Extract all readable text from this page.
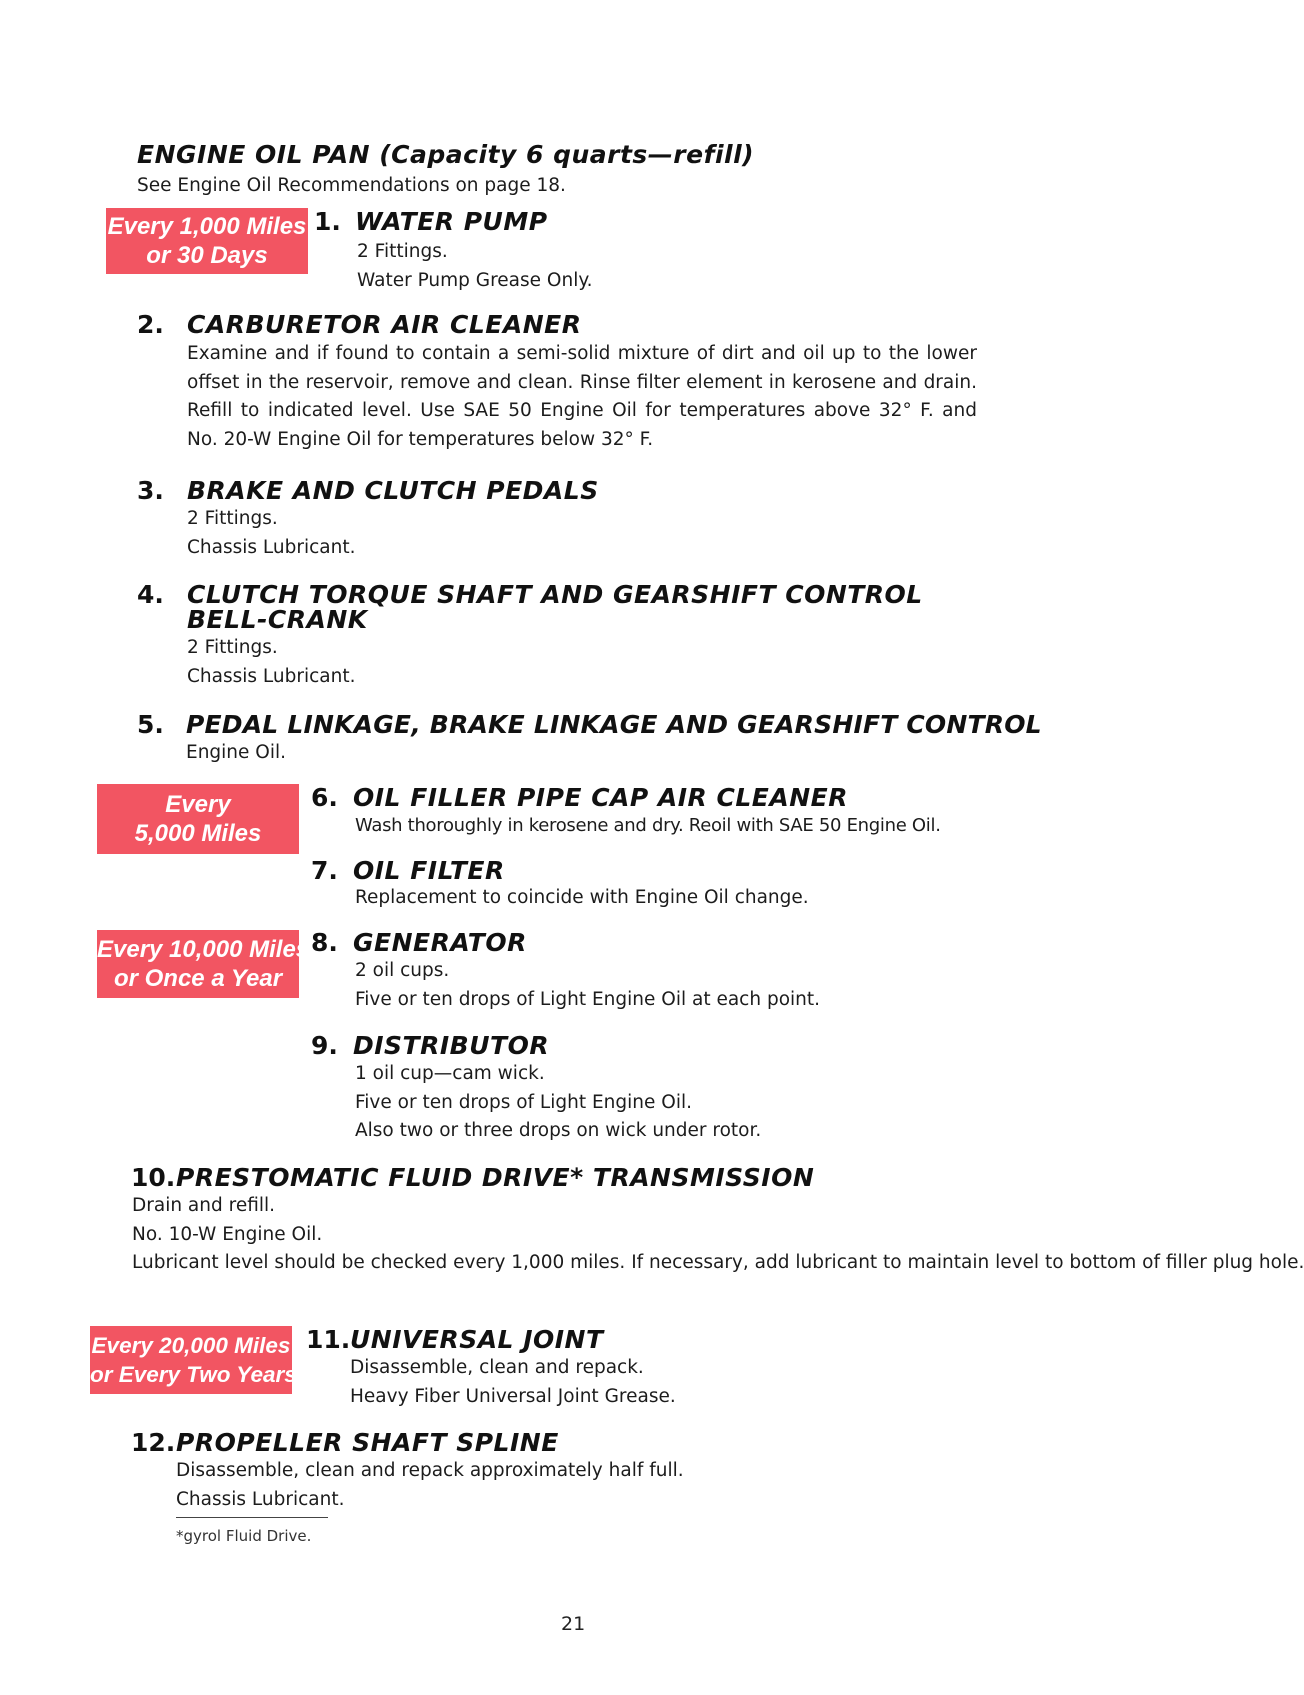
ENGINE OIL PAN (Capacity 6 quarts—refill)
See Engine Oil Recommendations on page 18.
Every 1,000 Miles
or 30 Days
1. WATER PUMP
2 Fittings.
Water Pump Grease Only.
2. CARBURETOR AIR CLEANER
Examine and if found to contain a semi-solid mixture of dirt and oil up to the lower offset in the reservoir, remove and clean. Rinse filter element in kerosene and drain. Refill to indicated level. Use SAE 50 Engine Oil for temperatures above 32° F. and No. 20-W Engine Oil for temperatures below 32° F.
3. BRAKE AND CLUTCH PEDALS
2 Fittings.
Chassis Lubricant.
4. CLUTCH TORQUE SHAFT AND GEARSHIFT CONTROL
BELL-CRANK
2 Fittings.
Chassis Lubricant.
5. PEDAL LINKAGE, BRAKE LINKAGE AND GEARSHIFT CONTROL
Engine Oil.
Every
5,000 Miles
6. OIL FILLER PIPE CAP AIR CLEANER
Wash thoroughly in kerosene and dry. Reoil with SAE 50 Engine Oil.
7. OIL FILTER
Replacement to coincide with Engine Oil change.
Every 10,000 Miles
or Once a Year
8. GENERATOR
2 oil cups.
Five or ten drops of Light Engine Oil at each point.
9. DISTRIBUTOR
1 oil cup—cam wick.
Five or ten drops of Light Engine Oil.
Also two or three drops on wick under rotor.
10. PRESTOMATIC FLUID DRIVE* TRANSMISSION
Drain and refill.
No. 10-W Engine Oil.
Lubricant level should be checked every 1,000 miles. If necessary, add lubricant to maintain level to bottom of filler plug hole.
Every 20,000 Miles
or Every Two Years
11. UNIVERSAL JOINT
Disassemble, clean and repack.
Heavy Fiber Universal Joint Grease.
12. PROPELLER SHAFT SPLINE
Disassemble, clean and repack approximately half full.
Chassis Lubricant.
*gyrol Fluid Drive.
21
